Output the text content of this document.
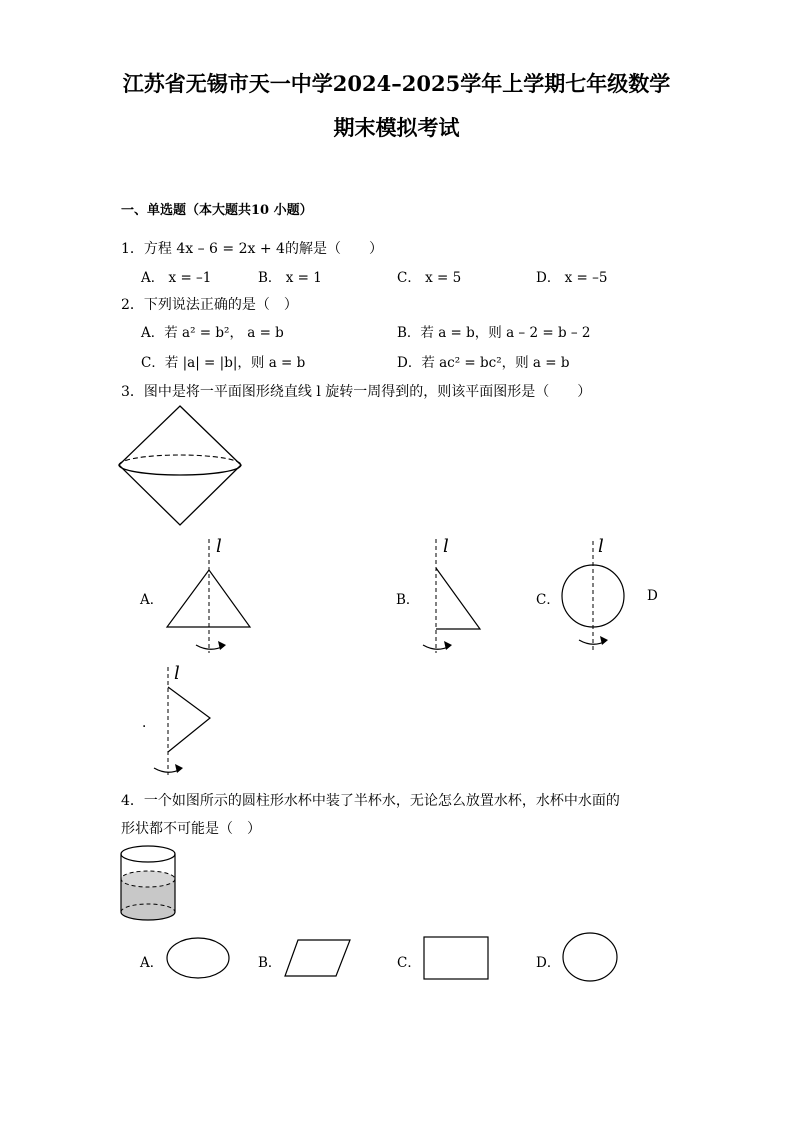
江苏省无锡市天一中学2024–2025学年上学期七年级数学
期末模拟考试
一、单选题（本大题共10 小题）
1．方程 4x – 6 = 2x + 4的解是（　　）
A． x = –1	B． x = 1	C． x = 5	D． x = –5
2．下列说法正确的是（　）
A．若 a² = b²， a = b	B．若 a = b，则 a – 2 = b – 2
C．若 |a| = |b|，则 a = b	D．若 ac² = bc²，则 a = b
3．图中是将一平面图形绕直线 l 旋转一周得到的，则该平面图形是（　　）
A．
l
B．
l
C．
l
D
.
l
4．一个如图所示的圆柱形水杯中装了半杯水，无论怎么放置水杯，水杯中水面的
形状都不可能是（　）
A．	B．	C．	D．
